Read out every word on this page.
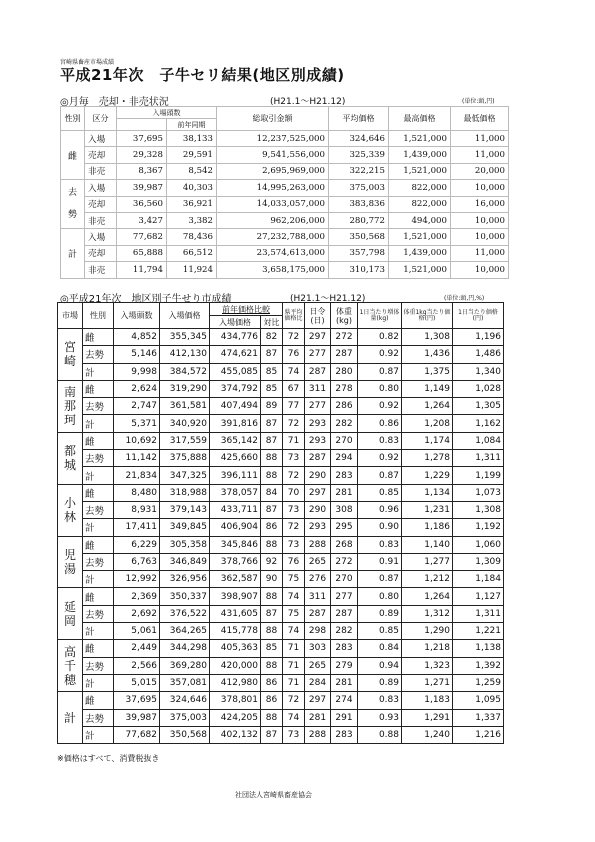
宮崎県畜産市場成績
平成21年次　子牛セリ結果(地区別成績)
◎月毎　売却・非売状況	(H21.1～H21.12)	(単位:頭,円)
性別	区分	入場頭数		総取引金額	平均価格	最高価格	最低価格
			前年同期				
雌	入場	37,695	38,133	12,237,525,000	324,646	1,521,000	11,000
	売却	29,328	29,591	9,541,556,000	325,339	1,439,000	11,000
	非売	8,367	8,542	2,695,969,000	322,215	1,521,000	20,000
去勢	入場	39,987	40,303	14,995,263,000	375,003	822,000	10,000
	売却	36,560	36,921	14,033,057,000	383,836	822,000	16,000
	非売	3,427	3,382	962,206,000	280,772	494,000	10,000
計	入場	77,682	78,436	27,232,788,000	350,568	1,521,000	10,000
	売却	65,888	66,512	23,574,613,000	357,798	1,439,000	11,000
	非売	11,794	11,924	3,658,175,000	310,173	1,521,000	10,000
◎平成21年次　地区別子牛せり市成績	(H21.1～H21.12)	(単位:頭,円,%)
市場	性別	入場頭数	入場価格	前年価格比較		県平均価格比	日令(日)	体重(kg)	1日当たり増体量(kg)	体重1kg当たり価格(円)	1日当たり価格(円)
				入場価格	対比						

宮
崎	雌	4,852	355,345	434,776	82	72	297	272	0.82	1,308	1,196
	去勢	5,146	412,130	474,621	87	76	277	287	0.92	1,436	1,486
	計	9,998	384,572	455,085	85	74	287	280	0.87	1,375	1,340

南
那
珂	雌	2,624	319,290	374,792	85	67	311	278	0.80	1,149	1,028
	去勢	2,747	361,581	407,494	89	77	277	286	0.92	1,264	1,305
	計	5,371	340,920	391,816	87	72	293	282	0.86	1,208	1,162

都
城	雌	10,692	317,559	365,142	87	71	293	270	0.83	1,174	1,084
	去勢	11,142	375,888	425,660	88	73	287	294	0.92	1,278	1,311
	計	21,834	347,325	396,111	88	72	290	283	0.87	1,229	1,199

小
林	雌	8,480	318,988	378,057	84	70	297	281	0.85	1,134	1,073
	去勢	8,931	379,143	433,711	87	73	290	308	0.96	1,231	1,308
	計	17,411	349,845	406,904	86	72	293	295	0.90	1,186	1,192

児
湯	雌	6,229	305,358	345,846	88	73	288	268	0.83	1,140	1,060
	去勢	6,763	346,849	378,766	92	76	265	272	0.91	1,277	1,309
	計	12,992	326,956	362,587	90	75	276	270	0.87	1,212	1,184

延
岡	雌	2,369	350,337	398,907	88	74	311	277	0.80	1,264	1,127
	去勢	2,692	376,522	431,605	87	75	287	287	0.89	1,312	1,311
	計	5,061	364,265	415,778	88	74	298	282	0.85	1,290	1,221

高
千
穂	雌	2,449	344,298	405,363	85	71	303	283	0.84	1,218	1,138
	去勢	2,566	369,280	420,000	88	71	265	279	0.94	1,323	1,392
	計	5,015	357,081	412,980	86	71	284	281	0.89	1,271	1,259

計	雌	37,695	324,646	378,801	86	72	297	274	0.83	1,183	1,095
	去勢	39,987	375,003	424,205	88	74	281	291	0.93	1,291	1,337
	計	77,682	350,568	402,132	87	73	288	283	0.88	1,240	1,216
※価格はすべて、消費税抜き
社団法人宮崎県畜産協会
